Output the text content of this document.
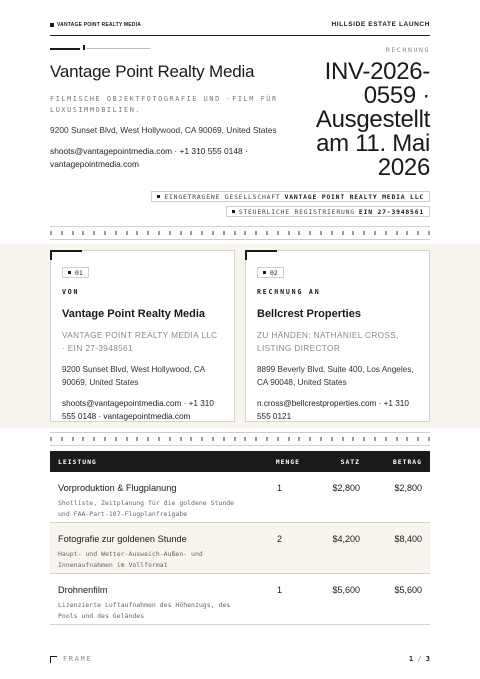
VANTAGE POINT REALTY MEDIA	HILLSIDE ESTATE LAUNCH
Vantage Point Realty Media
FILMISCHE OBJEKTFOTOGRAFIE UND -FILM FÜR LUXUSIMMOBILIEN.
9200 Sunset Blvd, West Hollywood, CA 90069, United States
shoots@vantagepointmedia.com · +1 310 555 0148 · vantagepointmedia.com
RECHNUNG
INV-2026-0559 · Ausgestellt am 11. Mai 2026
EINGETRAGENE GESELLSCHAFT VANTAGE POINT REALTY MEDIA LLC
STEUERLICHE REGISTRIERUNG EIN 27-3948561
01
VON
Vantage Point Realty Media
VANTAGE POINT REALTY MEDIA LLC · EIN 27-3948561
9200 Sunset Blvd, West Hollywood, CA 90069, United States
shoots@vantagepointmedia.com · +1 310 555 0148 · vantagepointmedia.com
02
RECHNUNG AN
Bellcrest Properties
ZU HÄNDEN: NATHANIEL CROSS, LISTING DIRECTOR
8899 Beverly Blvd, Suite 400, Los Angeles, CA 90048, United States
n.cross@bellcrestproperties.com · +1 310 555 0121
LEISTUNG	MENGE	SATZ	BETRAG
Vorproduktion & Flugplanung
Shotliste, Zeitplanung für die goldene Stunde und FAA-Part-107-Flugplanfreigabe
1	$2,800	$2,800
Fotografie zur goldenen Stunde
Haupt- und Wetter-Ausweich-Außen- und Innenaufnahmen im Vollformat
2	$4,200	$8,400
Drohnenfilm
Lizenzierte Luftaufnahmen des Höhenzugs, des Pools und des Geländes
1	$5,600	$5,600
FRAME	1 / 3
